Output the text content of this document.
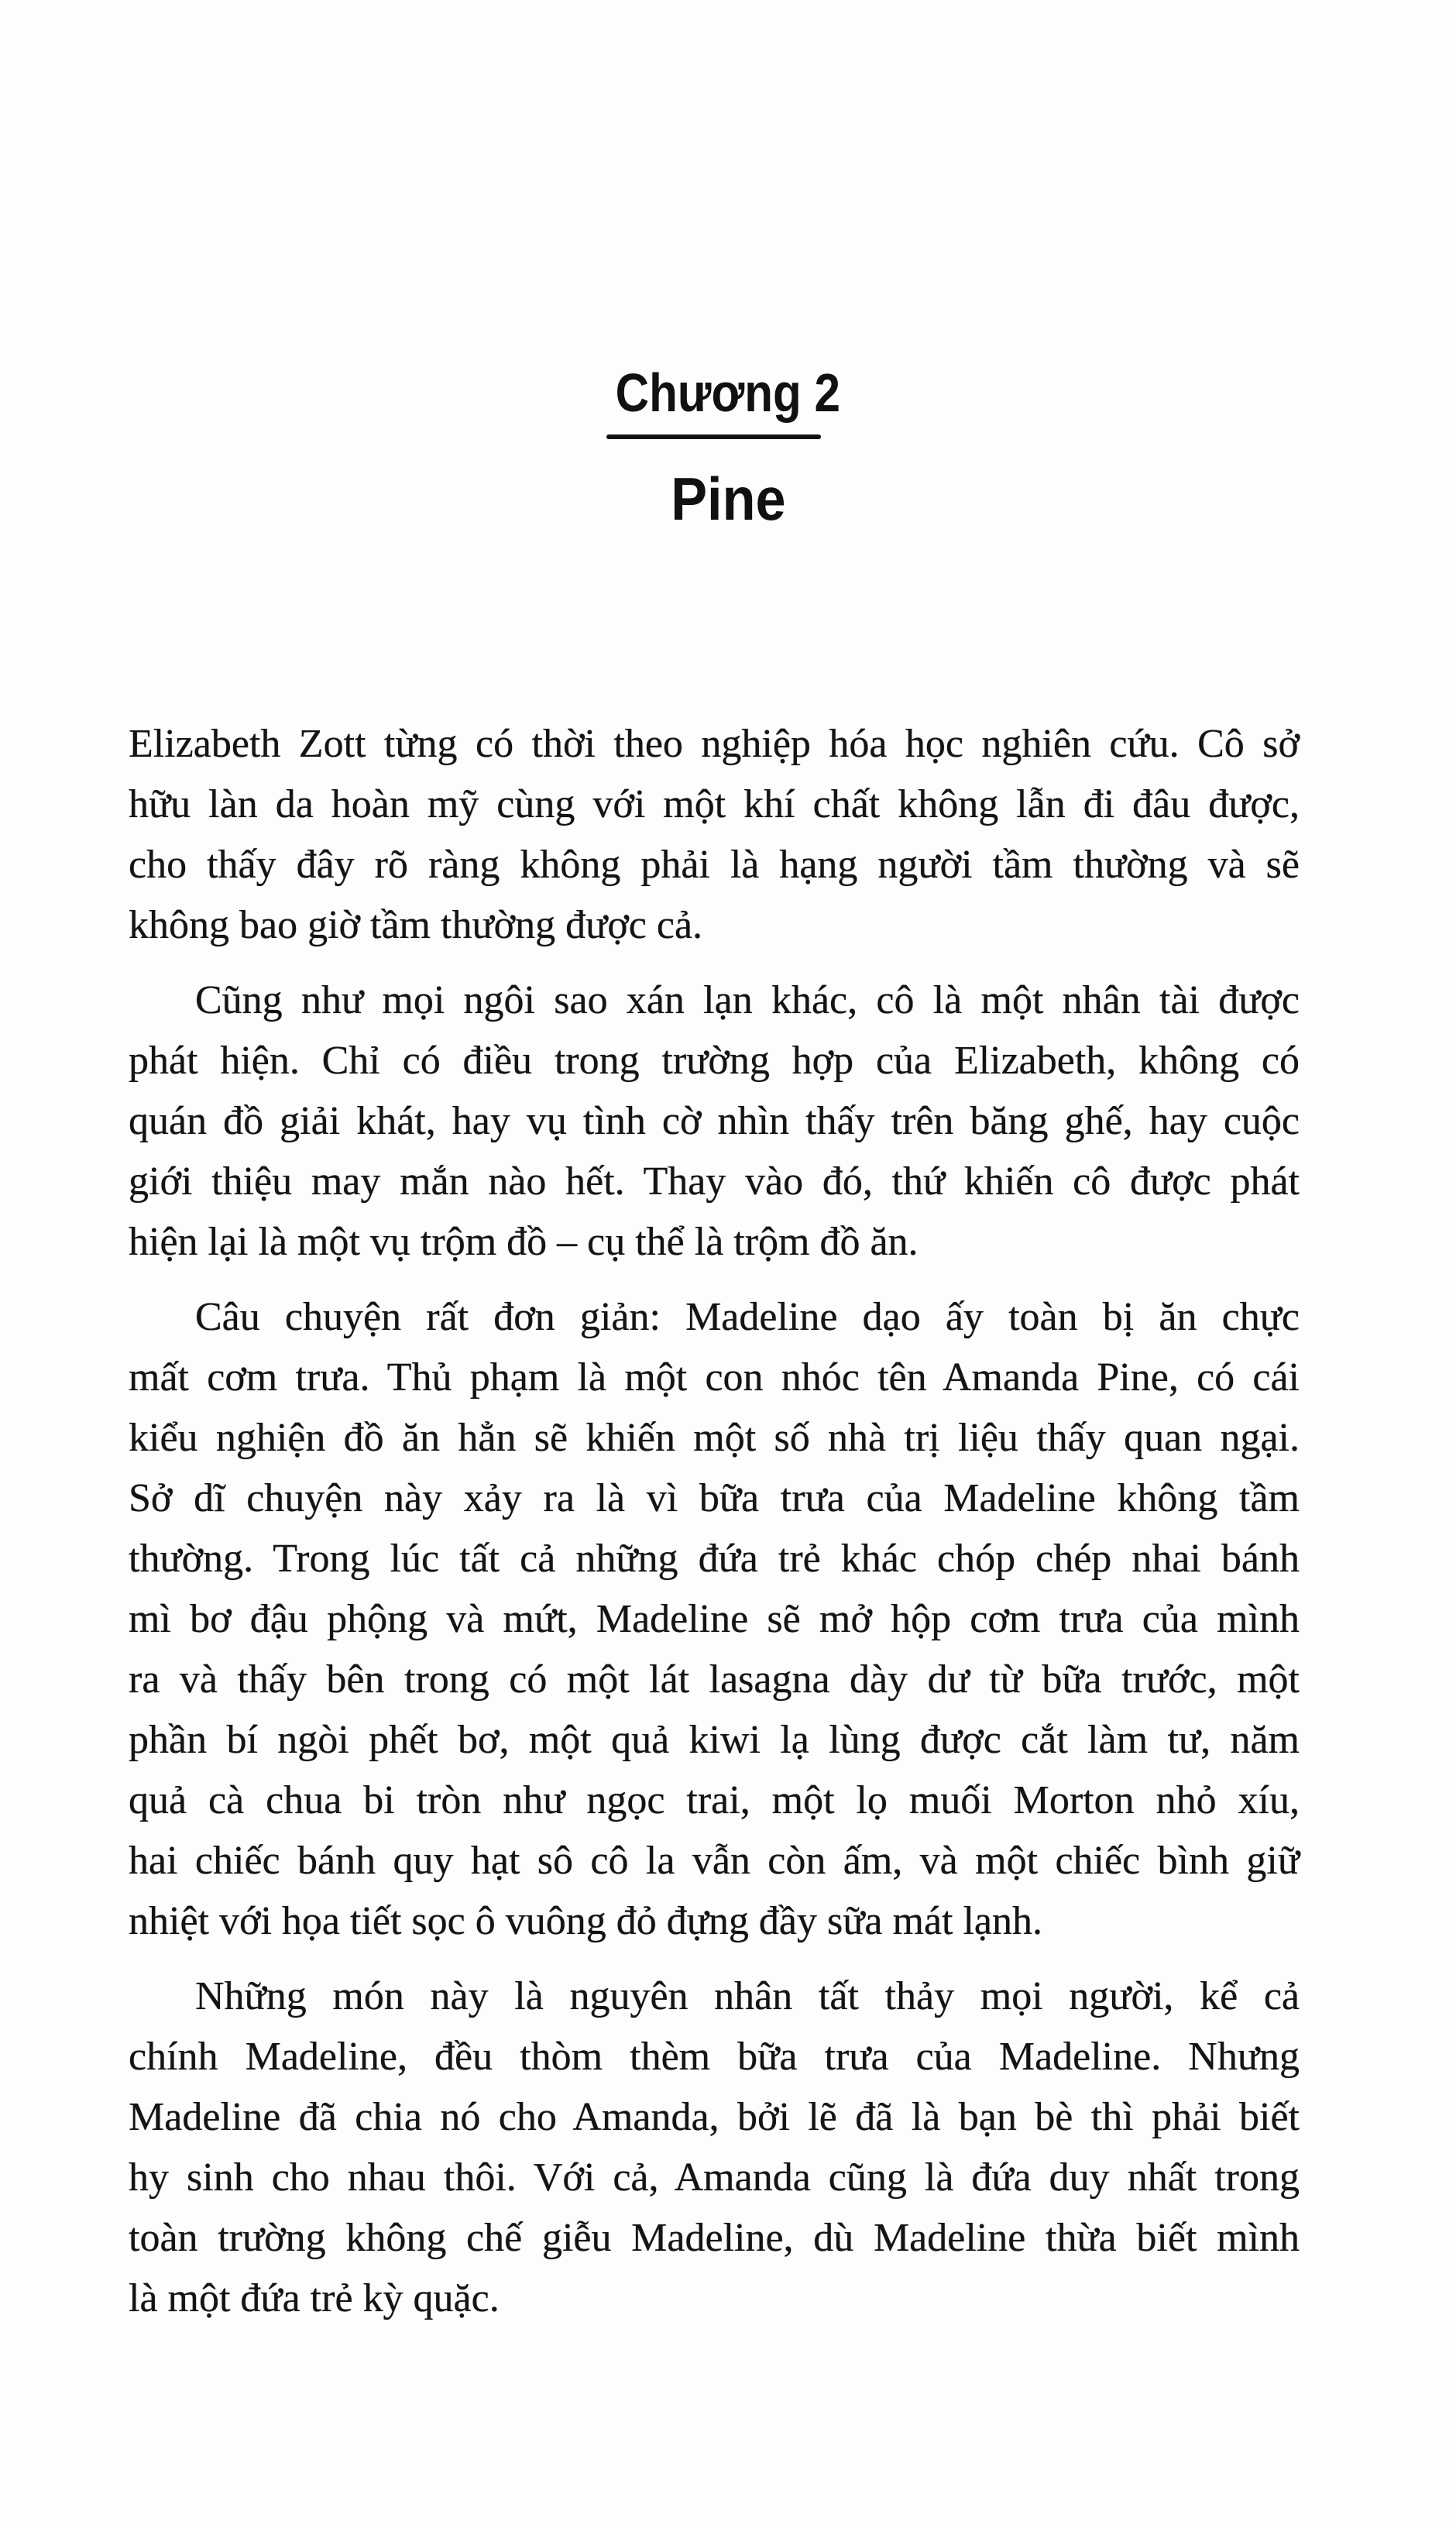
Chương 2
Pine
Elizabeth Zott từng có thời theo nghiệp hóa học nghiên cứu. Cô sở
hữu làn da hoàn mỹ cùng với một khí chất không lẫn đi đâu được,
cho thấy đây rõ ràng không phải là hạng người tầm thường và sẽ
không bao giờ tầm thường được cả.
Cũng như mọi ngôi sao xán lạn khác, cô là một nhân tài được
phát hiện. Chỉ có điều trong trường hợp của Elizabeth, không có
quán đồ giải khát, hay vụ tình cờ nhìn thấy trên băng ghế, hay cuộc
giới thiệu may mắn nào hết. Thay vào đó, thứ khiến cô được phát
hiện lại là một vụ trộm đồ – cụ thể là trộm đồ ăn.
Câu chuyện rất đơn giản: Madeline dạo ấy toàn bị ăn chực
mất cơm trưa. Thủ phạm là một con nhóc tên Amanda Pine, có cái
kiểu nghiện đồ ăn hẳn sẽ khiến một số nhà trị liệu thấy quan ngại.
Sở dĩ chuyện này xảy ra là vì bữa trưa của Madeline không tầm
thường. Trong lúc tất cả những đứa trẻ khác chóp chép nhai bánh
mì bơ đậu phộng và mứt, Madeline sẽ mở hộp cơm trưa của mình
ra và thấy bên trong có một lát lasagna dày dư từ bữa trước, một
phần bí ngòi phết bơ, một quả kiwi lạ lùng được cắt làm tư, năm
quả cà chua bi tròn như ngọc trai, một lọ muối Morton nhỏ xíu,
hai chiếc bánh quy hạt sô cô la vẫn còn ấm, và một chiếc bình giữ
nhiệt với họa tiết sọc ô vuông đỏ đựng đầy sữa mát lạnh.
Những món này là nguyên nhân tất thảy mọi người, kể cả
chính Madeline, đều thòm thèm bữa trưa của Madeline. Nhưng
Madeline đã chia nó cho Amanda, bởi lẽ đã là bạn bè thì phải biết
hy sinh cho nhau thôi. Với cả, Amanda cũng là đứa duy nhất trong
toàn trường không chế giễu Madeline, dù Madeline thừa biết mình
là một đứa trẻ kỳ quặc.
